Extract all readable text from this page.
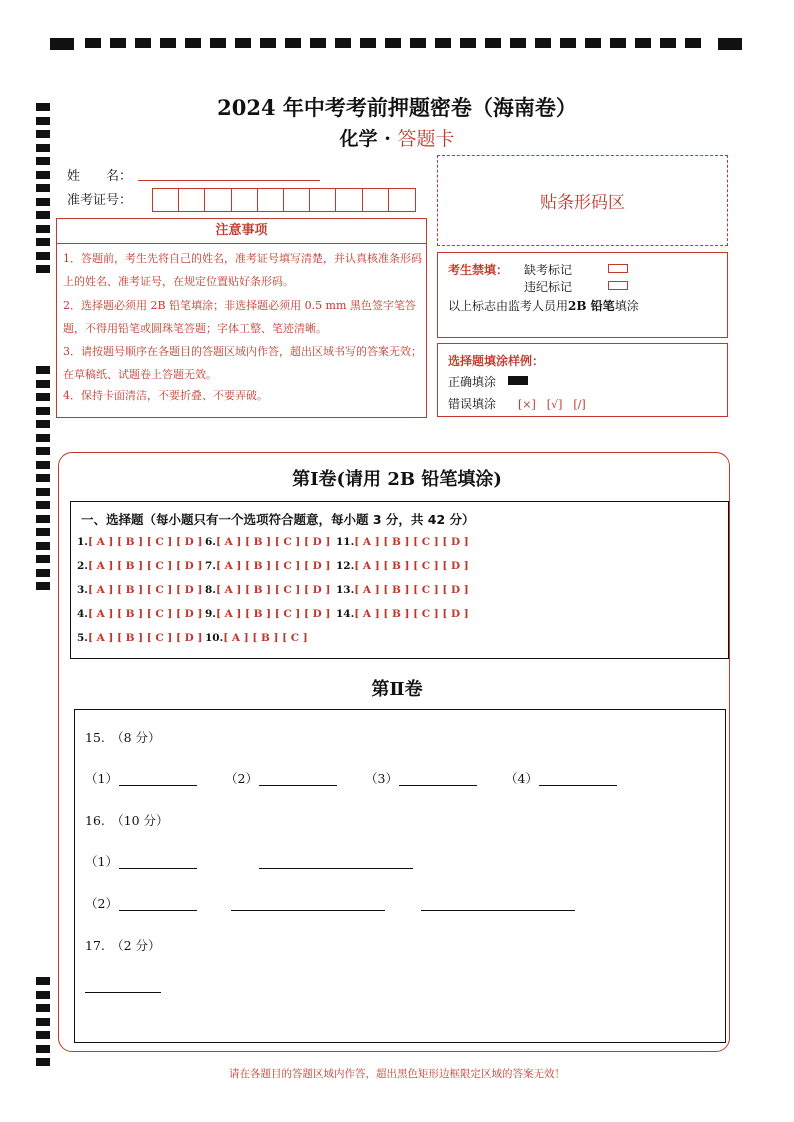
2024 年中考考前押题密卷（海南卷）
化学 · 答题卡
姓　　名：
准考证号：	贴条形码区
注意事项
1．答题前，考生先将自己的姓名，准考证号填写清楚，并认真核准条形码上的姓名、准考证号，在规定位置贴好条形码。
2．选择题必须用 2B 铅笔填涂；非选择题必须用 0.5 mm 黑色签字笔答题，不得用铅笔或圆珠笔答题；字体工整、笔迹清晰。
3．请按题号顺序在各题目的答题区域内作答，超出区域书写的答案无效；在草稿纸、试题卷上答题无效。
4．保持卡面清洁，不要折叠、不要弄破。
考生禁填： 缺考标记
违纪标记
以上标志由监考人员用2B 铅笔填涂
选择题填涂样例：
正确填涂
错误填涂 [×]　[√]　[/]
第Ⅰ卷(请用 2B 铅笔填涂)
一、选择题（每小题只有一个选项符合题意，每小题 3 分，共 42 分）
1.[ A ] [ B ] [ C ] [ D ]
2.[ A ] [ B ] [ C ] [ D ]
3.[ A ] [ B ] [ C ] [ D ]
4.[ A ] [ B ] [ C ] [ D ]
5.[ A ] [ B ] [ C ] [ D ]
6.[ A ] [ B ] [ C ] [ D ]
7.[ A ] [ B ] [ C ] [ D ]
8.[ A ] [ B ] [ C ] [ D ]
9.[ A ] [ B ] [ C ] [ D ]
10.[ A ] [ B ] [ C ]
11.[ A ] [ B ] [ C ] [ D ]
12.[ A ] [ B ] [ C ] [ D ]
13.[ A ] [ B ] [ C ] [ D ]
14.[ A ] [ B ] [ C ] [ D ]
第Ⅱ卷
15.　（8 分）
（1）	（2）	（3）	（4）
16.　（10 分）
（1）
（2）
17.　（2 分）
请在各题目的答题区域内作答，超出黑色矩形边框限定区域的答案无效！
